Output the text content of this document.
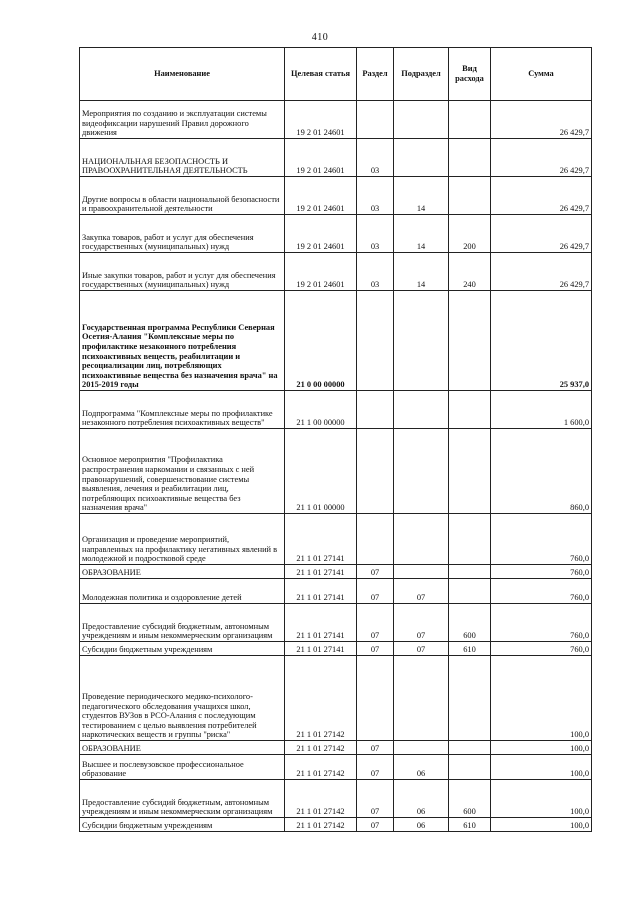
410
Наименование	Целевая статья	Раздел	Подраздел	Вид расхода	Сумма
Мероприятия по созданию и эксплуатации системы видеофиксации нарушений Правил дорожного движения	19 2 01 24601				26 429,7
НАЦИОНАЛЬНАЯ БЕЗОПАСНОСТЬ И ПРАВООХРАНИТЕЛЬНАЯ ДЕЯТЕЛЬНОСТЬ	19 2 01 24601	03			26 429,7
Другие вопросы в области национальной безопасности и правоохранительной деятельности	19 2 01 24601	03	14		26 429,7
Закупка товаров, работ и услуг для обеспечения государственных (муниципальных) нужд	19 2 01 24601	03	14	200	26 429,7
Иные закупки товаров, работ и услуг для обеспечения государственных (муниципальных) нужд	19 2 01 24601	03	14	240	26 429,7
Государственная программа Республики Северная Осетия-Алания "Комплексные меры по профилактике незаконного потребления психоактивных веществ, реабилитации и ресоциализации лиц, потребляющих психоактивные вещества без назначения врача" на 2015-2019 годы	21 0 00 00000				25 937,0
Подпрограмма "Комплексные меры по профилактике незаконного потребления психоактивных веществ"	21 1 00 00000				1 600,0
Основное мероприятия "Профилактика распространения наркомании и связанных с ней правонарушений, совершенствование системы выявления, лечения и реабилитации лиц, потребляющих психоактивные вещества без назначения врача"	21 1 01 00000				860,0
Организация и проведение мероприятий, направленных на профилактику негативных явлений в молодежной и подростковой среде	21 1 01 27141				760,0
ОБРАЗОВАНИЕ	21 1 01 27141	07			760,0
Молодежная политика и оздоровление детей	21 1 01 27141	07	07		760,0
Предоставление субсидий бюджетным, автономным учреждениям и иным некоммерческим организациям	21 1 01 27141	07	07	600	760,0
Субсидии бюджетным учреждениям	21 1 01 27141	07	07	610	760,0
Проведение периодического медико-психолого-педагогического обследования учащихся школ, студентов ВУЗов в РСО-Алания с последующим тестированием с целью выявления потребителей наркотических веществ и группы "риска"	21 1 01 27142				100,0
ОБРАЗОВАНИЕ	21 1 01 27142	07			100,0
Высшее и послевузовское профессиональное образование	21 1 01 27142	07	06		100,0
Предоставление субсидий бюджетным, автономным учреждениям и иным некоммерческим организациям	21 1 01 27142	07	06	600	100,0
Субсидии бюджетным учреждениям	21 1 01 27142	07	06	610	100,0
